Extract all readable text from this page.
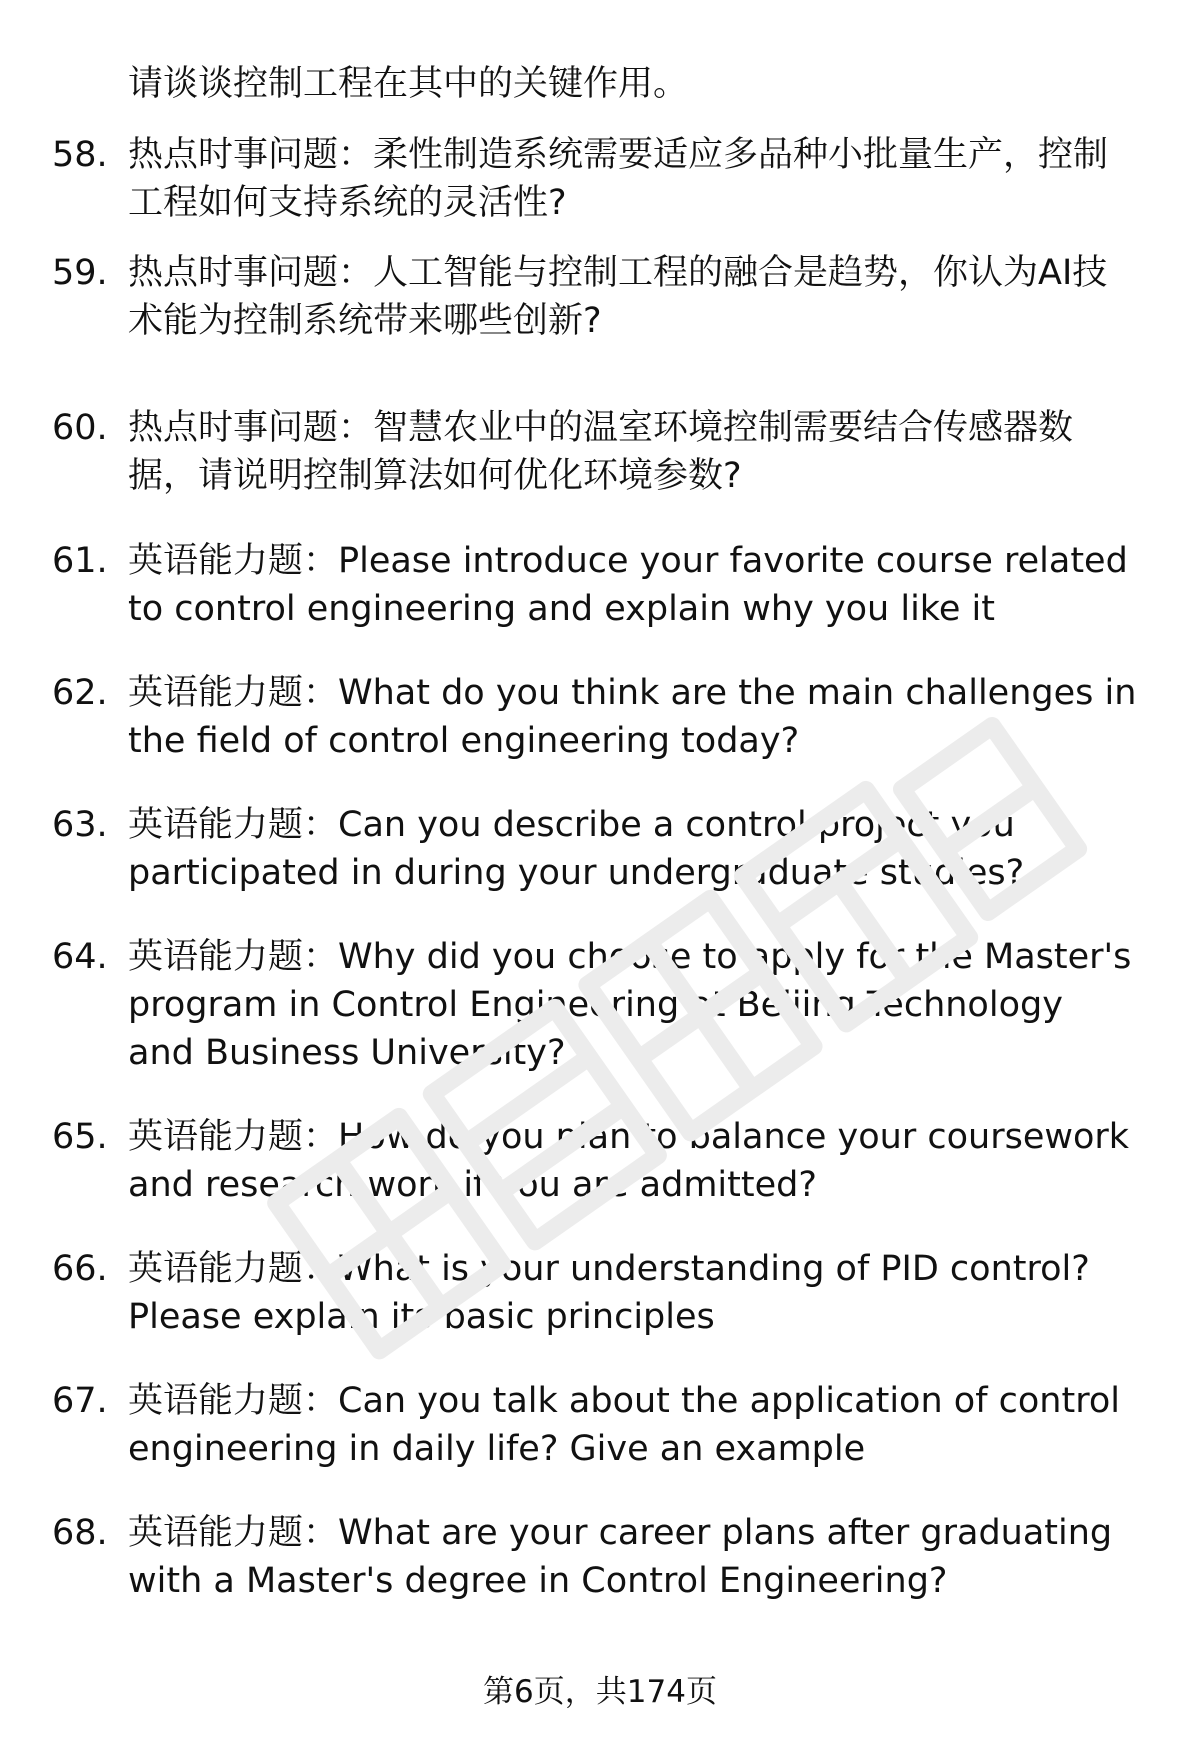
请谈谈控制工程在其中的关键作用。
58. 热点时事问题：柔性制造系统需要适应多品种小批量生产，控制工程如何支持系统的灵活性?
59. 热点时事问题：人工智能与控制工程的融合是趋势，你认为AI技术能为控制系统带来哪些创新?
60. 热点时事问题：智慧农业中的温室环境控制需要结合传感器数据，请说明控制算法如何优化环境参数?
61. 英语能力题：Please introduce your favorite course related to control engineering and explain why you like it
62. 英语能力题：What do you think are the main challenges in the field of control engineering today?
63. 英语能力题：Can you describe a control project you participated in during your undergraduate studies?
64. 英语能力题：Why did you choose to apply for the Master's program in Control Engineering at Beijing Technology and Business University?
65. 英语能力题：How do you plan to balance your coursework and research work if you are admitted?
66. 英语能力题：What is your understanding of PID control? Please explain its basic principles
67. 英语能力题：Can you talk about the application of control engineering in daily life? Give an example
68. 英语能力题：What are your career plans after graduating with a Master's degree in Control Engineering?
第6页，共174页
